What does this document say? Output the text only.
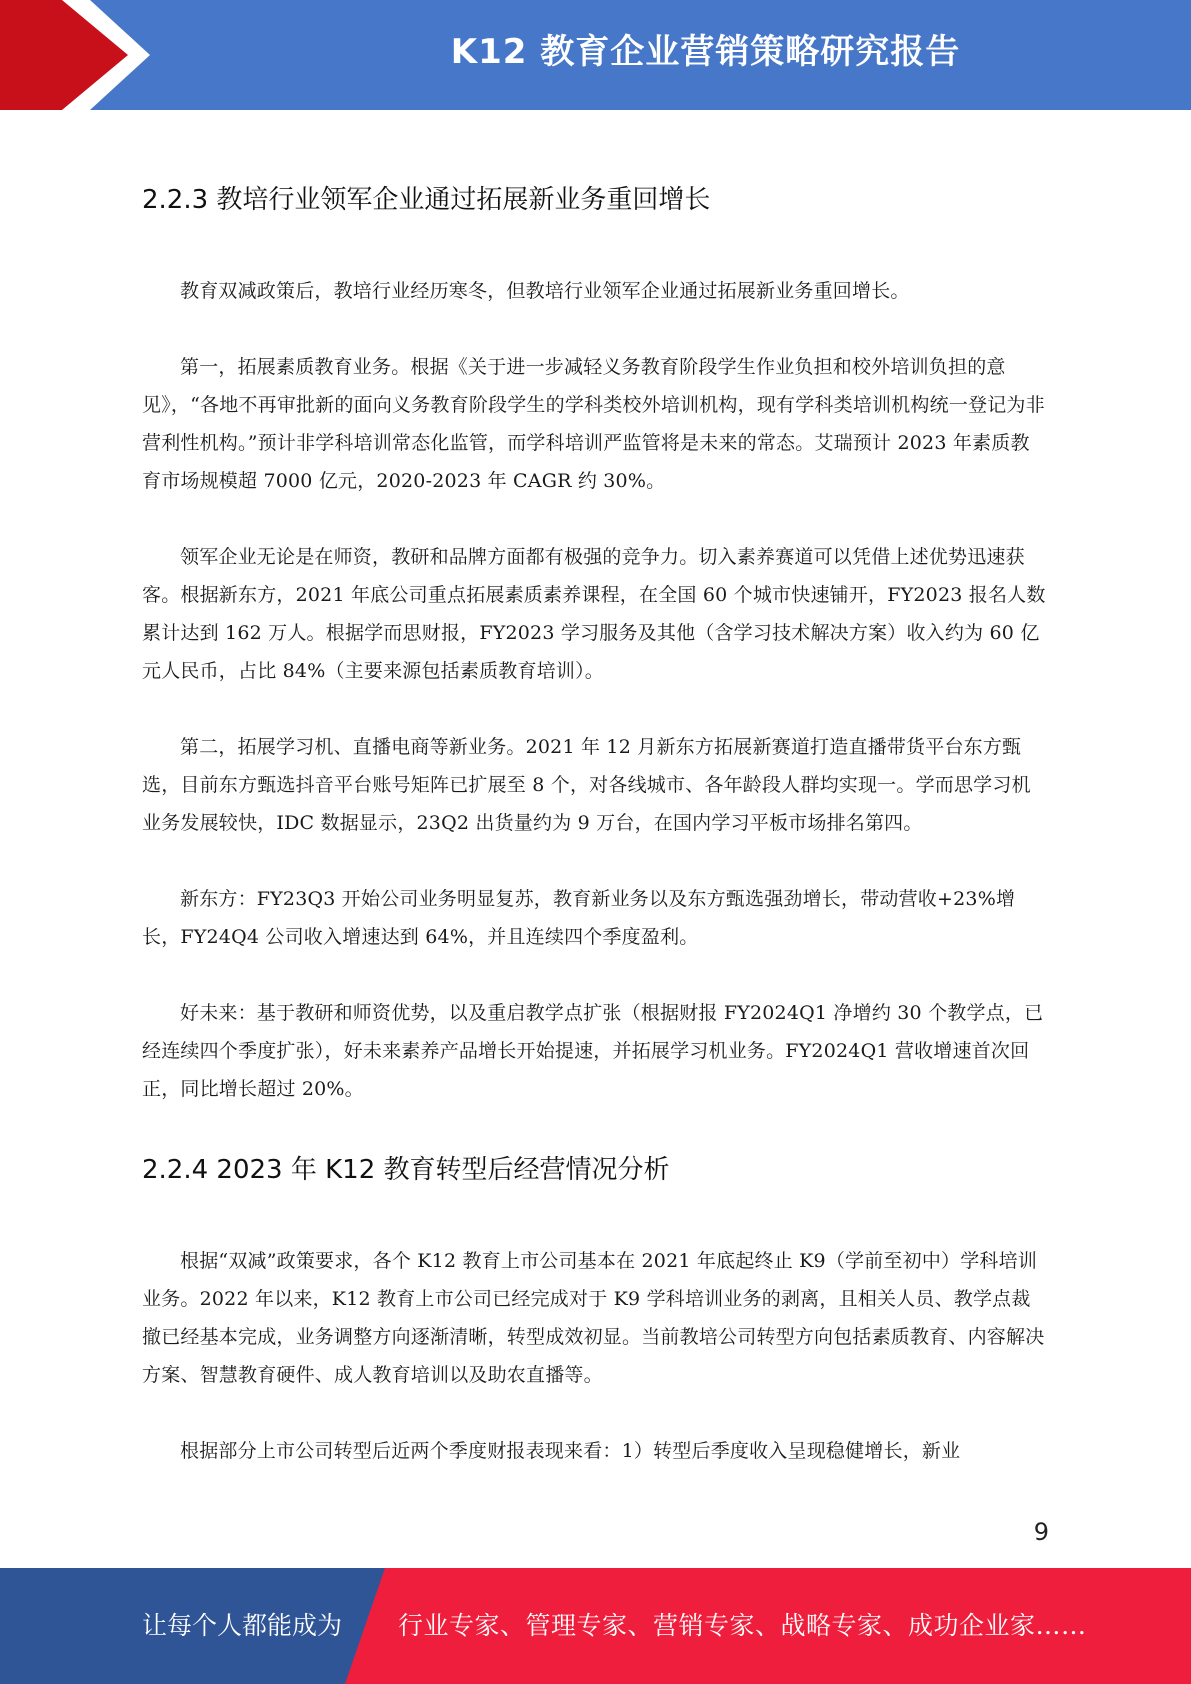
K12 教育企业营销策略研究报告
2.2.3 教培行业领军企业通过拓展新业务重回增长

教育双减政策后，教培行业经历寒冬，但教培行业领军企业通过拓展新业务重回增长。

第一，拓展素质教育业务。根据《关于进一步减轻义务教育阶段学生作业负担和校外培训负担的意见》，“各地不再审批新的面向义务教育阶段学生的学科类校外培训机构，现有学科类培训机构统一登记为非营利性机构。”预计非学科培训常态化监管，而学科培训严监管将是未来的常态。艾瑞预计 2023 年素质教育市场规模超 7000 亿元，2020-2023 年 CAGR 约 30%。

领军企业无论是在师资，教研和品牌方面都有极强的竞争力。切入素养赛道可以凭借上述优势迅速获客。根据新东方，2021 年底公司重点拓展素质素养课程，在全国 60 个城市快速铺开，FY2023 报名人数累计达到 162 万人。根据学而思财报，FY2023 学习服务及其他（含学习技术解决方案）收入约为 60 亿元人民币，占比 84%（主要来源包括素质教育培训）。

第二，拓展学习机、直播电商等新业务。2021 年 12 月新东方拓展新赛道打造直播带货平台东方甄选，目前东方甄选抖音平台账号矩阵已扩展至 8 个，对各线城市、各年龄段人群均实现一。学而思学习机业务发展较快，IDC 数据显示，23Q2 出货量约为 9 万台，在国内学习平板市场排名第四。

新东方：FY23Q3 开始公司业务明显复苏，教育新业务以及东方甄选强劲增长，带动营收+23%增长，FY24Q4 公司收入增速达到 64%，并且连续四个季度盈利。

好未来：基于教研和师资优势，以及重启教学点扩张（根据财报 FY2024Q1 净增约 30 个教学点，已经连续四个季度扩张），好未来素养产品增长开始提速，并拓展学习机业务。FY2024Q1 营收增速首次回正，同比增长超过 20%。

2.2.4 2023 年 K12 教育转型后经营情况分析

根据“双减”政策要求，各个 K12 教育上市公司基本在 2021 年底起终止 K9（学前至初中）学科培训业务。2022 年以来，K12 教育上市公司已经完成对于 K9 学科培训业务的剥离，且相关人员、教学点裁撤已经基本完成，业务调整方向逐渐清晰，转型成效初显。当前教培公司转型方向包括素质教育、内容解决方案、智慧教育硬件、成人教育培训以及助农直播等。

根据部分上市公司转型后近两个季度财报表现来看：1）转型后季度收入呈现稳健增长，新业

9
让每个人都能成为 行业专家、管理专家、营销专家、战略专家、成功企业家……
